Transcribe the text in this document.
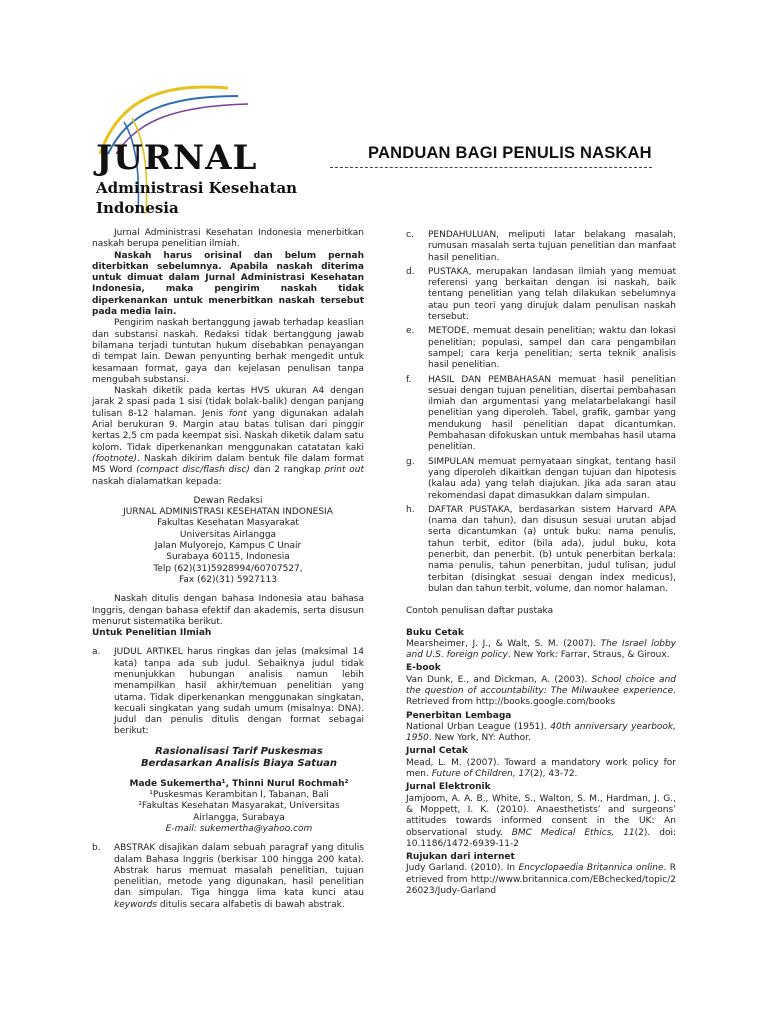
JURNAL
Administrasi Kesehatan
Indonesia
PANDUAN BAGI PENULIS NASKAH

Jurnal Administrasi Kesehatan Indonesia menerbitkan naskah berupa penelitian ilmiah.

Naskah harus orisinal dan belum pernah diterbitkan sebelumnya. Apabila naskah diterima untuk dimuat dalam Jurnal Administrasi Kesehatan Indonesia, maka pengirim naskah tidak diperkenankan untuk menerbitkan naskah tersebut pada media lain.

Pengirim naskah bertanggung jawab terhadap keaslian dan substansi naskah. Redaksi tidak bertanggung jawab bilamana terjadi tuntutan hukum disebabkan penayangan di tempat lain. Dewan penyunting berhak mengedit untuk kesamaan format, gaya dan kejelasan penulisan tanpa mengubah substansi.

Naskah diketik pada kertas HVS ukuran A4 dengan jarak 2 spasi pada 1 sisi (tidak bolak-balik) dengan panjang tulisan 8-12 halaman. Jenis font yang digunakan adalah Arial berukuran 9. Margin atau batas tulisan dari pinggir kertas 2,5 cm pada keempat sisi. Naskah diketik dalam satu kolom. Tidak diperkenankan menggunakan catatatan kaki (footnote). Naskah dikirim dalam bentuk file dalam format MS Word (compact disc/flash disc) dan 2 rangkap print out naskah dialamatkan kepada:

Dewan Redaksi
JURNAL ADMINISTRASI KESEHATAN INDONESIA
Fakultas Kesehatan Masyarakat
Universitas Airlangga
Jalan Mulyorejo, Kampus C Unair
Surabaya 60115, Indonesia
Telp (62)(31)5928994/60707527,
Fax (62)(31) 5927113

Naskah ditulis dengan bahasa Indonesia atau bahasa Inggris, dengan bahasa efektif dan akademis, serta disusun menurut sistematika berikut.

Untuk Penelitian Ilmiah
a. JUDUL ARTIKEL harus ringkas dan jelas (maksimal 14 kata) tanpa ada sub judul. Sebaiknya judul tidak menunjukkan hubungan analisis namun lebih menampilkan hasil akhir/temuan penelitian yang utama. Tidak diperkenankan menggunakan singkatan, kecuali singkatan yang sudah umum (misalnya: DNA). Judul dan penulis ditulis dengan format sebagai berikut:

Rasionalisasi Tarif Puskesmas
Berdasarkan Analisis Biaya Satuan
Made Sukemertha¹, Thinni Nurul Rochmah²
¹Puskesmas Kerambitan I, Tabanan, Bali
²Fakultas Kesehatan Masyarakat, Universitas
Airlangga, Surabaya
E-mail: sukemertha@yahoo.com
b. ABSTRAK disajikan dalam sebuah paragraf yang ditulis dalam Bahasa Inggris (berkisar 100 hingga 200 kata). Abstrak harus memuat masalah penelitian, tujuan penelitian, metode yang digunakan, hasil penelitian dan simpulan. Tiga hingga lima kata kunci atau keywords ditulis secara alfabetis di bawah abstrak.

c. PENDAHULUAN, meliputi latar belakang masalah, rumusan masalah serta tujuan penelitian dan manfaat hasil penelitian.

d. PUSTAKA, merupakan landasan ilmiah yang memuat referensi yang berkaitan dengan isi naskah, baik tentang penelitian yang telah dilakukan sebelumnya atau pun teori yang dirujuk dalam penulisan naskah tersebut.

e. METODE, memuat desain penelitian; waktu dan lokasi penelitian; populasi, sampel dan cara pengambilan sampel; cara kerja penelitian; serta teknik analisis hasil penelitian.

f. HASIL DAN PEMBAHASAN memuat hasil penelitian sesuai dengan tujuan penelitian, disertai pembahasan ilmiah dan argumentasi yang melatarbelakangi hasil penelitian yang diperoleh. Tabel, grafik, gambar yang mendukung hasil penelitian dapat dicantumkan. Pembahasan difokuskan untuk membahas hasil utama penelitian.

g. SIMPULAN memuat pernyataan singkat, tentang hasil yang diperoleh dikaitkan dengan tujuan dan hipotesis (kalau ada) yang telah diajukan. Jika ada saran atau rekomendasi dapat dimasukkan dalam simpulan.

h. DAFTAR PUSTAKA, berdasarkan sistem Harvard APA (nama dan tahun), dan disusun sesuai urutan abjad serta dicantumkan (a) untuk buku: nama penulis, tahun terbit, editor (bila ada), judul buku, kota penerbit, dan penerbit. (b) untuk penerbitan berkala: nama penulis, tahun penerbitan, judul tulisan, judul terbitan (disingkat sesuai dengan index medicus), bulan dan tahun terbit, volume, dan nomor halaman.

Contoh penulisan daftar pustaka

Buku Cetak

Mearsheimer, J. J., & Walt, S. M. (2007). The Israel lobby and U.S. foreign policy. New York: Farrar, Straus, & Giroux.

E-book

Van Dunk, E., and Dickman, A. (2003). School choice and the question of accountability: The Milwaukee experience. Retrieved from http://books.google.com/books

Penerbitan Lembaga

National Urban League (1951). 40th anniversary yearbook, 1950. New York, NY: Author.

Jurnal Cetak

Mead, L. M. (2007). Toward a mandatory work policy for men. Future of Children, 17(2), 43-72.

Jurnal Elektronik

Jamjoom, A. A. B., White, S., Walton, S. M., Hardman, J. G., & Moppett, I. K. (2010). Anaesthetists’ and surgeons’ attitudes towards informed consent in the UK: An observational study. BMC Medical Ethics, 11(2). doi: 10.1186/1472-6939-11-2

Rujukan dari internet

Judy Garland. (2010). In Encyclopaedia Britannica online. Retrieved from http://www.britannica.com/EBchecked/topic/226023/Judy-Garland
